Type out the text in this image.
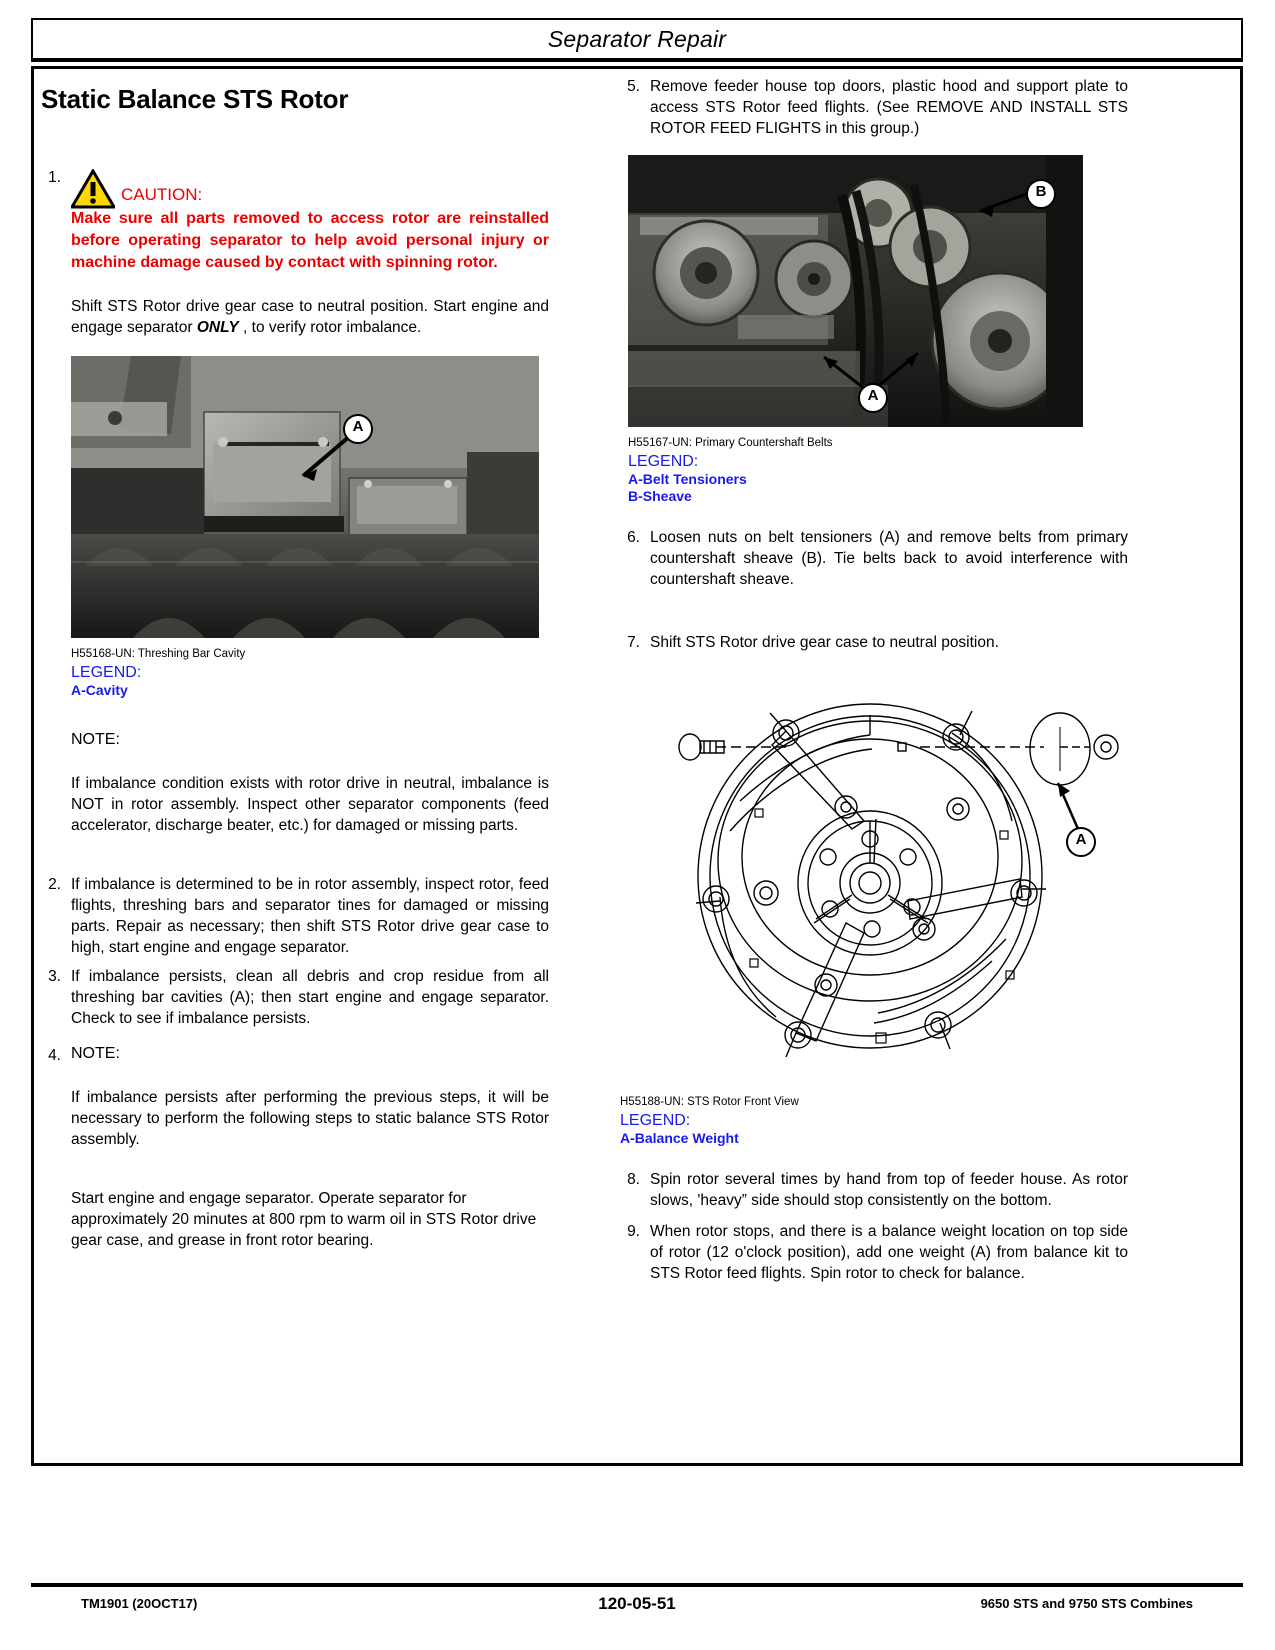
Separator Repair
Static Balance STS Rotor
1.
CAUTION:
Make sure all parts removed to access rotor are reinstalled before operating separator to help avoid personal injury or machine damage caused by contact with spinning rotor.

Shift STS Rotor drive gear case to neutral position. Start engine and engage separator ONLY , to verify rotor imbalance.

A
H55168-UN: Threshing Bar Cavity
LEGEND:
A-Cavity

NOTE:

If imbalance condition exists with rotor drive in neutral, imbalance is NOT in rotor assembly. Inspect other separator components (feed accelerator, discharge beater, etc.) for damaged or missing parts.

2. If imbalance is determined to be in rotor assembly, inspect rotor, feed flights, threshing bars and separator tines for damaged or missing parts. Repair as necessary; then shift STS Rotor drive gear case to high, start engine and engage separator.

3. If imbalance persists, clean all debris and crop residue from all threshing bar cavities (A); then start engine and engage separator. Check to see if imbalance persists.

4. NOTE:

If imbalance persists after performing the previous steps, it will be necessary to perform the following steps to static balance STS Rotor assembly.

Start engine and engage separator. Operate separator for approximately 20 minutes at 800 rpm to warm oil in STS Rotor drive gear case, and grease in front rotor bearing.

5. Remove feeder house top doors, plastic hood and support plate to access STS Rotor feed flights. (See REMOVE AND INSTALL STS ROTOR FEED FLIGHTS in this group.)

B
A
H55167-UN: Primary Countershaft Belts
LEGEND:
A-Belt Tensioners
B-Sheave
6. Loosen nuts on belt tensioners (A) and remove belts from primary countershaft sheave (B). Tie belts back to avoid interference with countershaft sheave.

7. Shift STS Rotor drive gear case to neutral position.

A
H55188-UN: STS Rotor Front View
LEGEND:
A-Balance Weight
8. Spin rotor several times by hand from top of feeder house. As rotor slows, 'heavy” side should stop consistently on the bottom.

9. When rotor stops, and there is a balance weight location on top side of rotor (12 o'clock position), add one weight (A) from balance kit to STS Rotor feed flights. Spin rotor to check for balance.

TM1901 (20OCT17)	120-05-51	9650 STS and 9750 STS Combines
